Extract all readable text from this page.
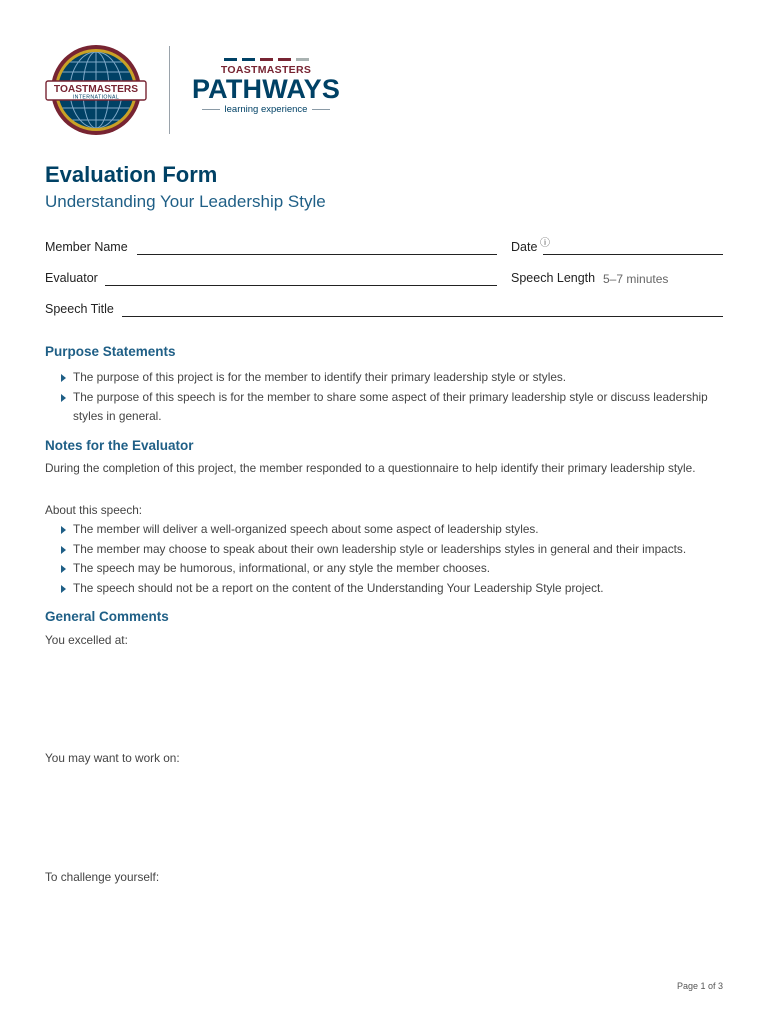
TOASTMASTERS
INTERNATIONAL
TOASTMASTERS
PATHWAYS
learning experience
Evaluation Form
Understanding Your Leadership Style
Member Name	Date ⓘ
Evaluator	Speech Length 5–7 minutes
Speech Title
Purpose Statements
The purpose of this project is for the member to identify their primary leadership style or styles.
The purpose of this speech is for the member to share some aspect of their primary leadership style or discuss leadership styles in general.
Notes for the Evaluator
During the completion of this project, the member responded to a questionnaire to help identify their primary leadership style.
About this speech:
The member will deliver a well-organized speech about some aspect of leadership styles.
The member may choose to speak about their own leadership style or leaderships styles in general and their impacts.
The speech may be humorous, informational, or any style the member chooses.
The speech should not be a report on the content of the Understanding Your Leadership Style project.
General Comments
You excelled at:
You may want to work on:
To challenge yourself:
Page 1 of 3
